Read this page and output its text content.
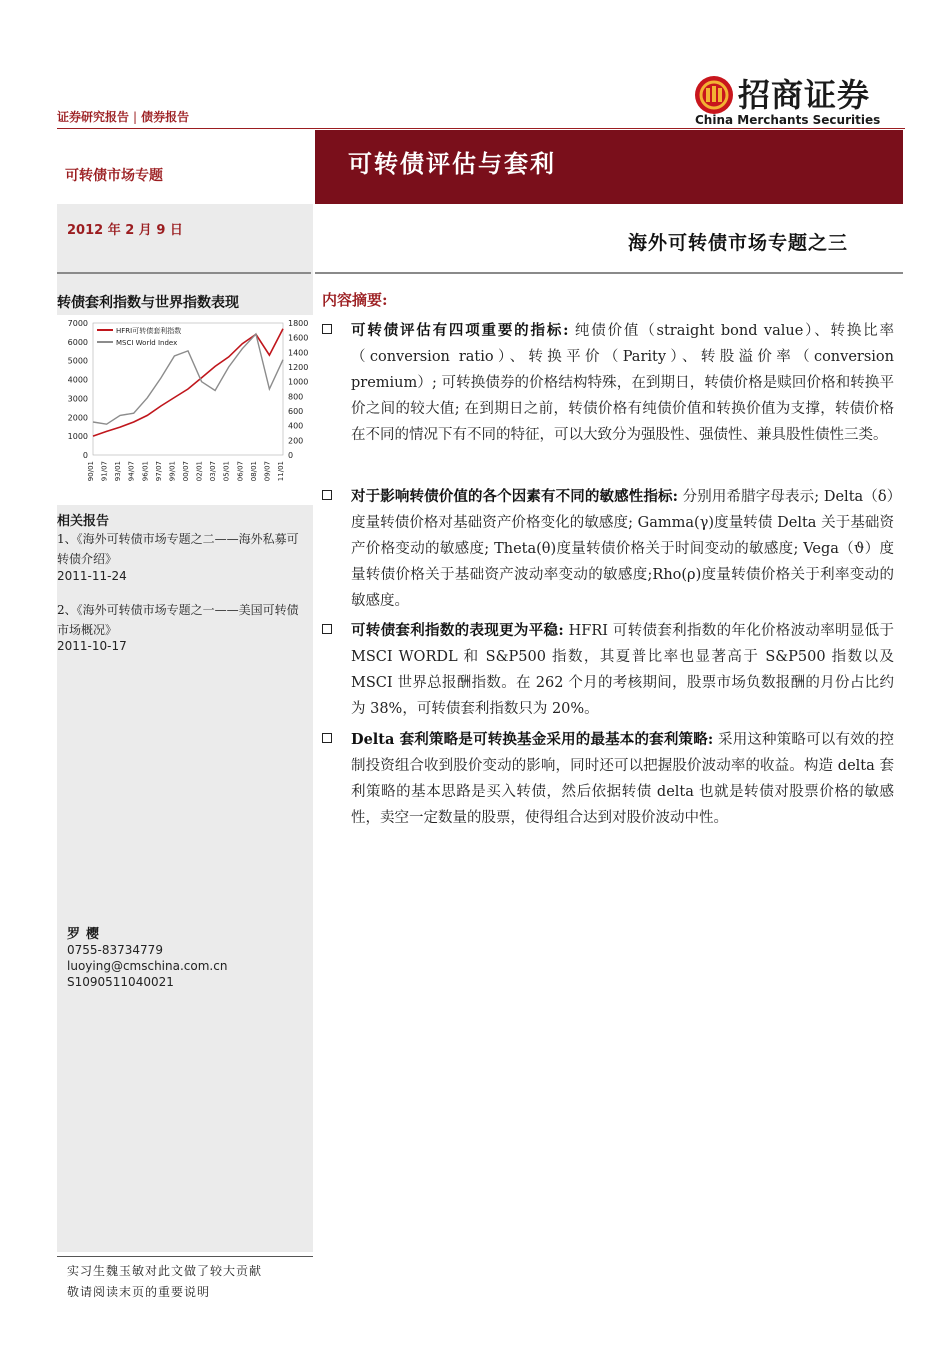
证券研究报告 | 债券报告
招商证券
China Merchants Securities
可转债市场专题
2012 年 2 月 9 日
转债套利指数与世界指数表现
0
1000
2000
3000
4000
5000
6000
7000
0
200
400
600
800
1000
1200
1400
1600
1800
90/01 91/07 93/01 94/07 96/01 97/07 99/01 00/07 02/01 03/07 05/01 06/07 08/01 09/07 11/01
HFRI可转债套利指数
MSCI World Index
相关报告
1、《海外可转债市场专题之二——海外私募可转债介绍》
2011-11-24
2、《海外可转债市场专题之一——美国可转债市场概况》
2011-10-17
罗樱
0755-83734779
luoying@cmschina.com.cn
S1090511040021
实习生魏玉敏对此文做了较大贡献
敬请阅读末页的重要说明
可转债评估与套利
海外可转债市场专题之三
内容摘要:
可转债评估有四项重要的指标: 纯债价值（straight bond value）、转换比率（conversion ratio）、转换平价（Parity）、转股溢价率（conversion premium）; 可转换债券的价格结构特殊，在到期日，转债价格是赎回价格和转换平价之间的较大值; 在到期日之前，转债价格有纯债价值和转换价值为支撑，转债价格在不同的情况下有不同的特征，可以大致分为强股性、强债性、兼具股性债性三类。
对于影响转债价值的各个因素有不同的敏感性指标: 分别用希腊字母表示; Delta（δ）度量转债价格对基础资产价格变化的敏感度; Gamma(γ)度量转债 Delta 关于基础资产价格变动的敏感度; Theta(θ)度量转债价格关于时间变动的敏感度; Vega（ϑ）度量转债价格关于基础资产波动率变动的敏感度;Rho(ρ)度量转债价格关于利率变动的敏感度。
可转债套利指数的表现更为平稳: HFRI 可转债套利指数的年化价格波动率明显低于 MSCI WORDL 和 S&P500 指数，其夏普比率也显著高于 S&P500 指数以及 MSCI 世界总报酬指数。在 262 个月的考核期间，股票市场负数报酬的月份占比约为 38%，可转债套利指数只为 20%。
Delta 套利策略是可转换基金采用的最基本的套利策略: 采用这种策略可以有效的控制投资组合收到股价变动的影响，同时还可以把握股价波动率的收益。构造 delta 套利策略的基本思路是买入转债，然后依据转债 delta 也就是转债对股票价格的敏感性，卖空一定数量的股票，使得组合达到对股价波动中性。
